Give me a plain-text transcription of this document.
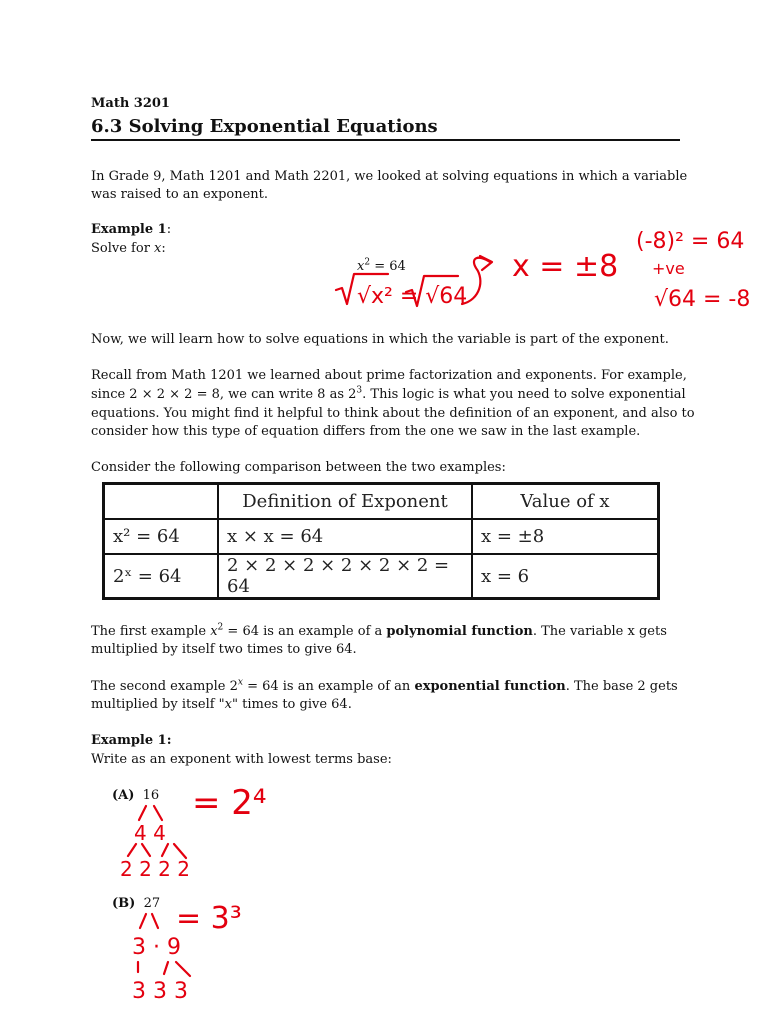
Math 3201
6.3 Solving Exponential Equations
In Grade 9, Math 1201 and Math 2201, we looked at solving equations in which a variable
was raised to an exponent.
Example 1:
Solve for x:
$x^2 = 64$
Now, we will learn how to solve equations in which the variable is part of the exponent.
Recall from Math 1201 we learned about prime factorization and exponents. For example,
since 2 × 2 × 2 = 8, we can write 8 as $2^3$. This logic is what you need to solve exponential
equations. You might find it helpful to think about the definition of an exponent, and also to
consider how this type of equation differs from the one we saw in the last example.
Consider the following comparison between the two examples:
	Definition of Exponent	Value of x
x² = 64	x × x = 64	x = ±8
2ˣ = 64	2 × 2 × 2 × 2 × 2 × 2 = 64	x = 6
The first example $x^2 = 64$ is an example of a polynomial function. The variable x gets
multiplied by itself two times to give 64.
The second example $2^x = 64$ is an example of an exponential function. The base 2 gets
multiplied by itself "x" times to give 64.
Example 1:
Write as an exponent with lowest terms base:
(A) 16
(B) 27
√x² = √64
x = ±8
(-8)² = 64
+ve
√64 = -8
= 2⁴
4 4
2 2 2 2
= 3³
3 · 9
3 3 3
